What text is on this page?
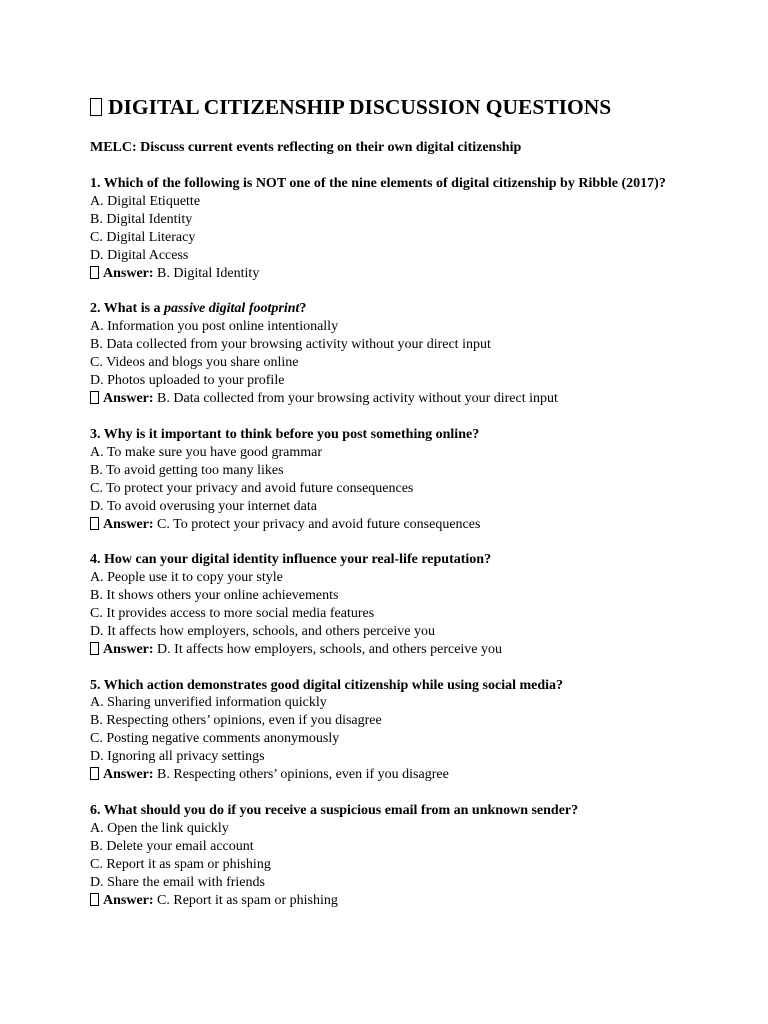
DIGITAL CITIZENSHIP DISCUSSION QUESTIONS
MELC: Discuss current events reflecting on their own digital citizenship
1. Which of the following is NOT one of the nine elements of digital citizenship by Ribble (2017)?
A. Digital Etiquette
B. Digital Identity
C. Digital Literacy
D. Digital Access
Answer: B. Digital Identity
2. What is a passive digital footprint?
A. Information you post online intentionally
B. Data collected from your browsing activity without your direct input
C. Videos and blogs you share online
D. Photos uploaded to your profile
Answer: B. Data collected from your browsing activity without your direct input
3. Why is it important to think before you post something online?
A. To make sure you have good grammar
B. To avoid getting too many likes
C. To protect your privacy and avoid future consequences
D. To avoid overusing your internet data
Answer: C. To protect your privacy and avoid future consequences
4. How can your digital identity influence your real-life reputation?
A. People use it to copy your style
B. It shows others your online achievements
C. It provides access to more social media features
D. It affects how employers, schools, and others perceive you
Answer: D. It affects how employers, schools, and others perceive you
5. Which action demonstrates good digital citizenship while using social media?
A. Sharing unverified information quickly
B. Respecting others’ opinions, even if you disagree
C. Posting negative comments anonymously
D. Ignoring all privacy settings
Answer: B. Respecting others’ opinions, even if you disagree
6. What should you do if you receive a suspicious email from an unknown sender?
A. Open the link quickly
B. Delete your email account
C. Report it as spam or phishing
D. Share the email with friends
Answer: C. Report it as spam or phishing
